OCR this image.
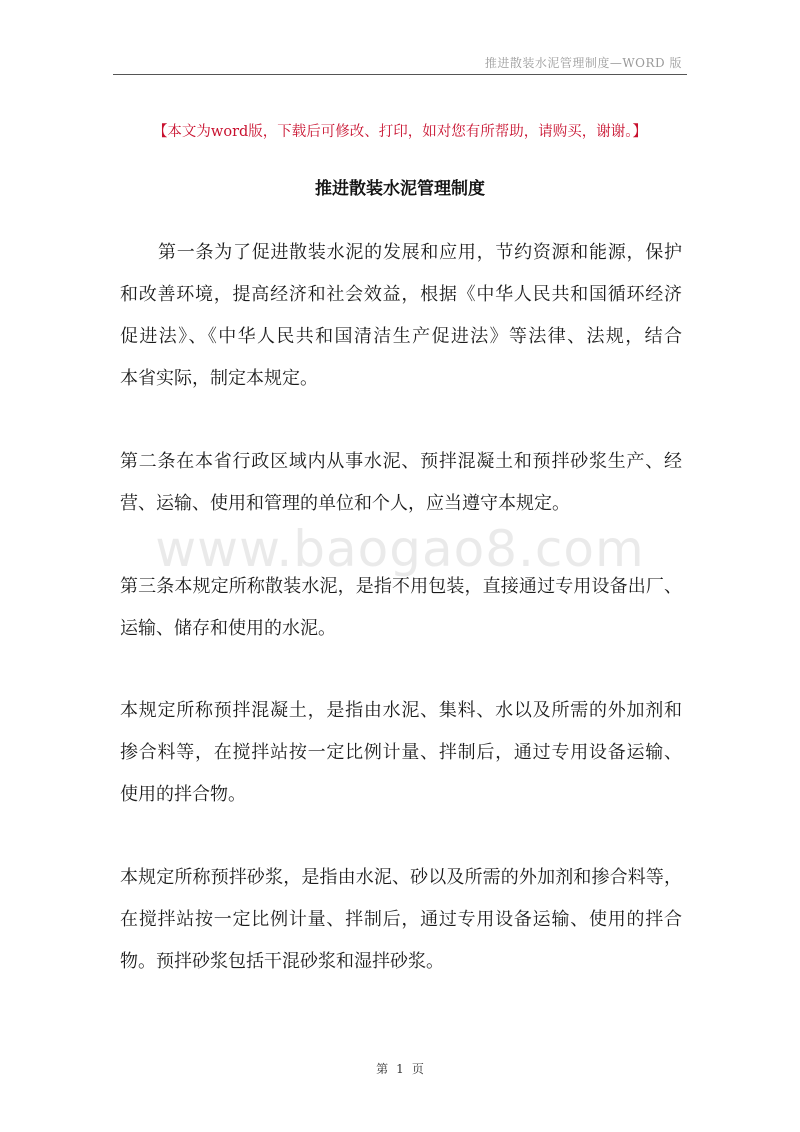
推进散装水泥管理制度—WORD 版
【本文为word版，下载后可修改、打印，如对您有所帮助，请购买，谢谢。】
推进散装水泥管理制度
第一条为了促进散装水泥的发展和应用，节约资源和能源，保护
和改善环境，提高经济和社会效益，根据《中华人民共和国循环经济
促进法》、《中华人民共和国清洁生产促进法》等法律、法规，结合
本省实际，制定本规定。
第二条在本省行政区域内从事水泥、预拌混凝土和预拌砂浆生产、经
营、运输、使用和管理的单位和个人，应当遵守本规定。
www.baogao8.com
第三条本规定所称散装水泥，是指不用包装，直接通过专用设备出厂、
运输、储存和使用的水泥。
本规定所称预拌混凝土，是指由水泥、集料、水以及所需的外加剂和
掺合料等，在搅拌站按一定比例计量、拌制后，通过专用设备运输、
使用的拌合物。
本规定所称预拌砂浆，是指由水泥、砂以及所需的外加剂和掺合料等，
在搅拌站按一定比例计量、拌制后，通过专用设备运输、使用的拌合
物。预拌砂浆包括干混砂浆和湿拌砂浆。
第 1 页
